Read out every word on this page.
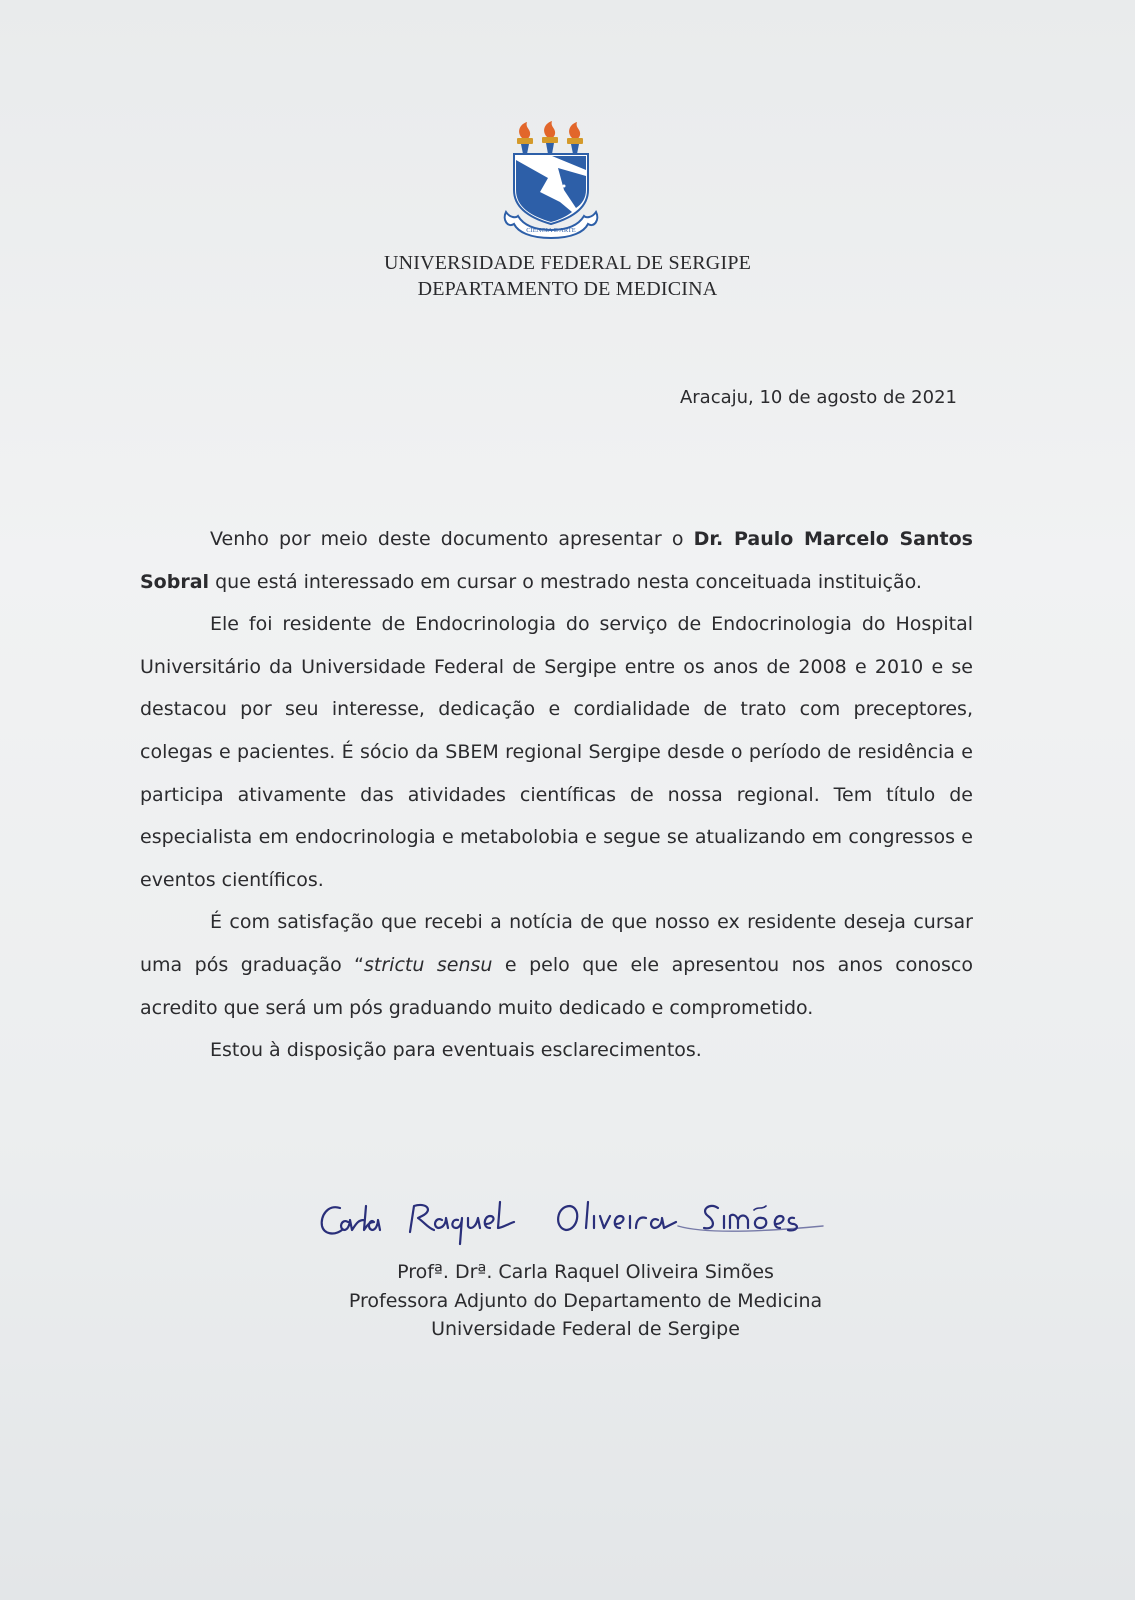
CIENCIA E ARTE
UNIVERSIDADE FEDERAL DE SERGIPE
DEPARTAMENTO DE MEDICINA
Aracaju, 10 de agosto de 2021

Venho por meio deste documento apresentar o Dr. Paulo Marcelo Santos Sobral que está interessado em cursar o mestrado nesta conceituada instituição.

Ele foi residente de Endocrinologia do serviço de Endocrinologia do Hospital Universitário da Universidade Federal de Sergipe entre os anos de 2008 e 2010 e se destacou por seu interesse, dedicação e cordialidade de trato com preceptores, colegas e pacientes. É sócio da SBEM regional Sergipe desde o período de residência e participa ativamente das atividades científicas de nossa regional. Tem título de especialista em endocrinologia e metabolobia e segue se atualizando em congressos e eventos científicos.

É com satisfação que recebi a notícia de que nosso ex residente deseja cursar uma pós graduação “strictu sensu e pelo que ele apresentou nos anos conosco acredito que será um pós graduando muito dedicado e comprometido.

Estou à disposição para eventuais esclarecimentos.

Profª. Drª. Carla Raquel Oliveira Simões
Professora Adjunto do Departamento de Medicina
Universidade Federal de Sergipe
